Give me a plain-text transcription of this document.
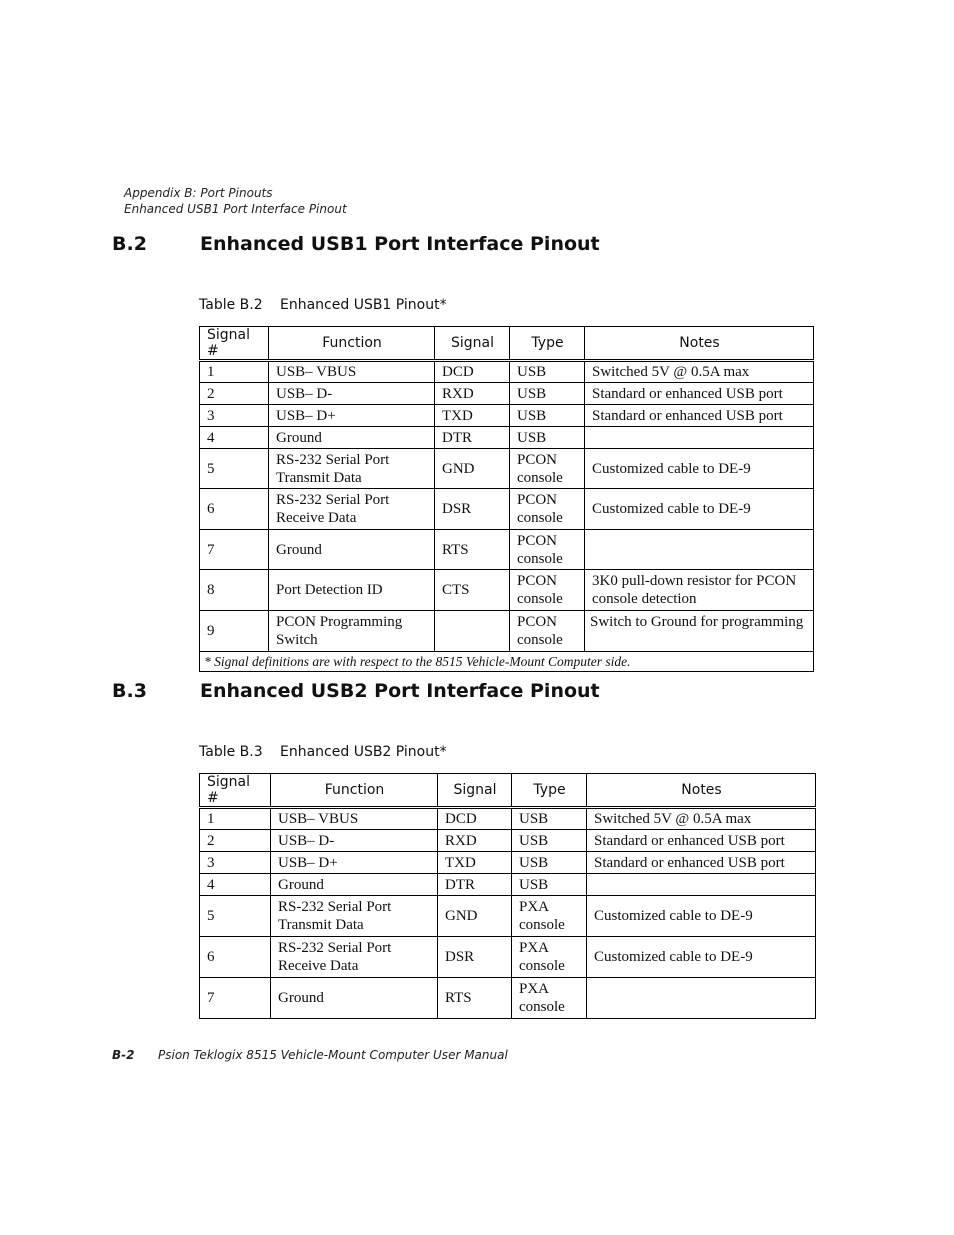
Appendix B: Port Pinouts
Enhanced USB1 Port Interface Pinout
B.2	Enhanced USB1 Port Interface Pinout
Table B.2 Enhanced USB1 Pinout*
Signal #	Function	Signal	Type	Notes
1	USB– VBUS	DCD	USB	Switched 5V @ 0.5A max
2	USB– D-	RXD	USB	Standard or enhanced USB port
3	USB– D+	TXD	USB	Standard or enhanced USB port
4	Ground	DTR	USB	
5	RS-232 Serial Port Transmit Data	GND	PCON console	Customized cable to DE-9
6	RS-232 Serial Port Receive Data	DSR	PCON console	Customized cable to DE-9
7	Ground	RTS	PCON console	
8	Port Detection ID	CTS	PCON console	3K0 pull-down resistor for PCON console detection
9	PCON Programming Switch		PCON console	Switch to Ground for programming
* Signal definitions are with respect to the 8515 Vehicle-Mount Computer side.				
B.3	Enhanced USB2 Port Interface Pinout
Table B.3 Enhanced USB2 Pinout*
Signal #	Function	Signal	Type	Notes
1	USB– VBUS	DCD	USB	Switched 5V @ 0.5A max
2	USB– D-	RXD	USB	Standard or enhanced USB port
3	USB– D+	TXD	USB	Standard or enhanced USB port
4	Ground	DTR	USB	
5	RS-232 Serial Port Transmit Data	GND	PXA console	Customized cable to DE-9
6	RS-232 Serial Port Receive Data	DSR	PXA console	Customized cable to DE-9
7	Ground	RTS	PXA console	
B-2 Psion Teklogix 8515 Vehicle-Mount Computer User Manual
